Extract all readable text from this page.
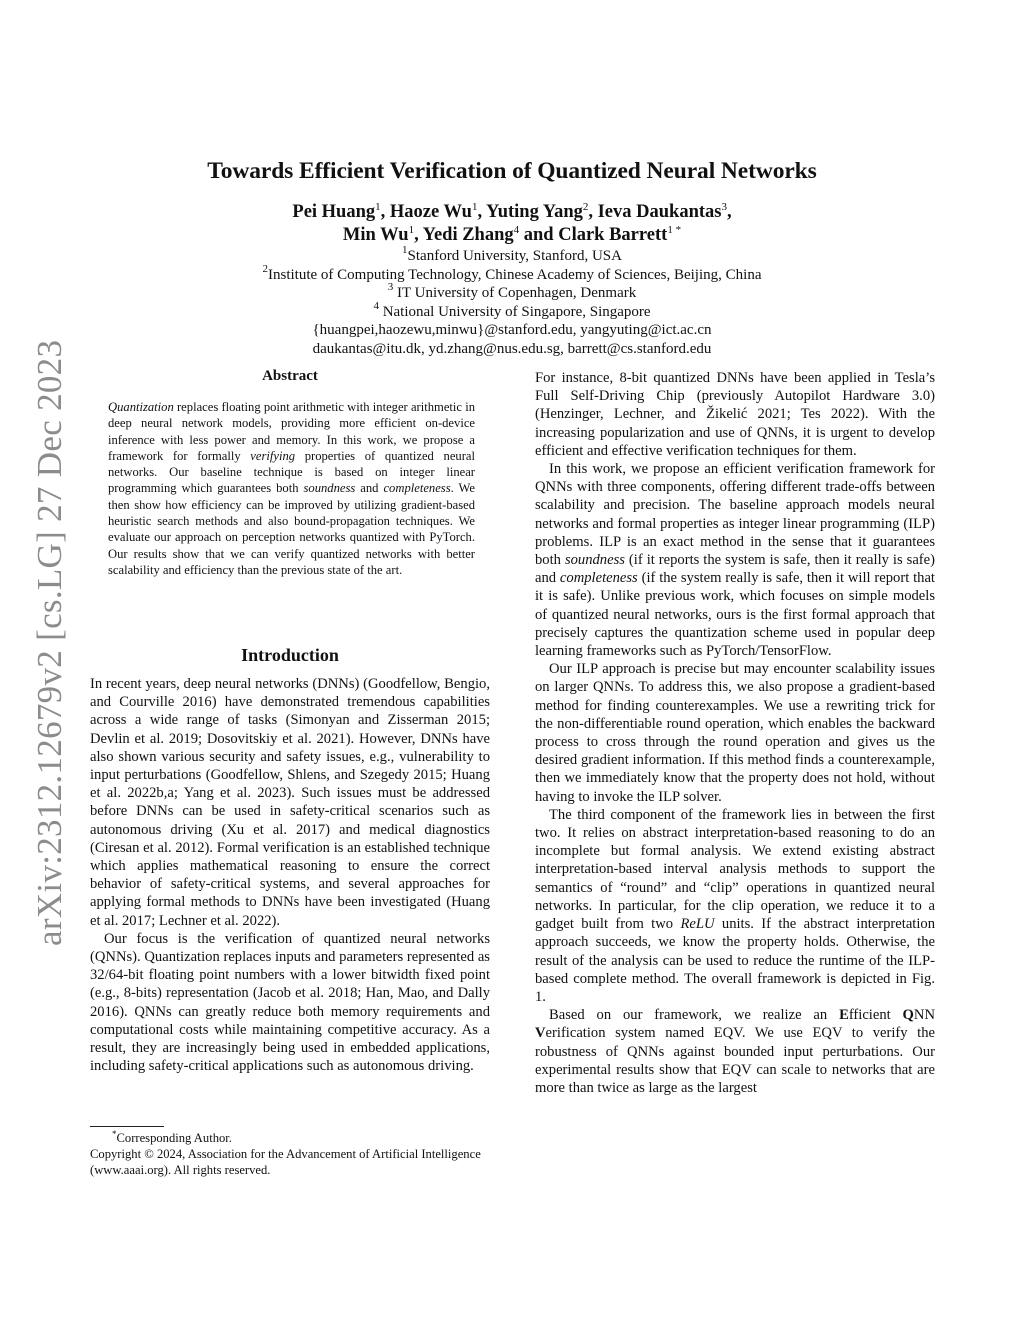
arXiv:2312.12679v2 [cs.LG] 27 Dec 2023
Towards Efficient Verification of Quantized Neural Networks
Pei Huang$^1$, Haoze Wu$^1$, Yuting Yang$^2$, Ieva Daukantas$^3$,
Min Wu$^1$, Yedi Zhang$^4$ and Clark Barrett$^{1 *}$
$^1$Stanford University, Stanford, USA
$^2$Institute of Computing Technology, Chinese Academy of Sciences, Beijing, China
$^3$ IT University of Copenhagen, Denmark
$^4$ National University of Singapore, Singapore
{huangpei,haozewu,minwu}@stanford.edu, yangyuting@ict.ac.cn
daukantas@itu.dk, yd.zhang@nus.edu.sg, barrett@cs.stanford.edu
Abstract
Quantization replaces floating point arithmetic with integer arithmetic in deep neural network models, providing more efficient on-device inference with less power and memory. In this work, we propose a framework for formally verifying properties of quantized neural networks. Our baseline technique is based on integer linear programming which guarantees both soundness and completeness. We then show how efficiency can be improved by utilizing gradient-based heuristic search methods and also bound-propagation techniques. We evaluate our approach on perception networks quantized with PyTorch. Our results show that we can verify quantized networks with better scalability and efficiency than the previous state of the art.
Introduction

In recent years, deep neural networks (DNNs) (Goodfellow, Bengio, and Courville 2016) have demonstrated tremendous capabilities across a wide range of tasks (Simonyan and Zisserman 2015; Devlin et al. 2019; Dosovitskiy et al. 2021). However, DNNs have also shown various security and safety issues, e.g., vulnerability to input perturbations (Goodfellow, Shlens, and Szegedy 2015; Huang et al. 2022b,a; Yang et al. 2023). Such issues must be addressed before DNNs can be used in safety-critical scenarios such as autonomous driving (Xu et al. 2017) and medical diagnostics (Ciresan et al. 2012). Formal verification is an established technique which applies mathematical reasoning to ensure the correct behavior of safety-critical systems, and several approaches for applying formal methods to DNNs have been investigated (Huang et al. 2017; Lechner et al. 2022).

Our focus is the verification of quantized neural networks (QNNs). Quantization replaces inputs and parameters represented as 32/64-bit floating point numbers with a lower bitwidth fixed point (e.g., 8-bits) representation (Jacob et al. 2018; Han, Mao, and Dally 2016). QNNs can greatly reduce both memory requirements and computational costs while maintaining competitive accuracy. As a result, they are increasingly being used in embedded applications, including safety-critical applications such as autonomous driving.

*Corresponding Author.
Copyright © 2024, Association for the Advancement of Artificial Intelligence (www.aaai.org). All rights reserved.

For instance, 8-bit quantized DNNs have been applied in Tesla’s Full Self-Driving Chip (previously Autopilot Hardware 3.0) (Henzinger, Lechner, and Žikelić 2021; Tes 2022). With the increasing popularization and use of QNNs, it is urgent to develop efficient and effective verification techniques for them.

In this work, we propose an efficient verification framework for QNNs with three components, offering different trade-offs between scalability and precision. The baseline approach models neural networks and formal properties as integer linear programming (ILP) problems. ILP is an exact method in the sense that it guarantees both soundness (if it reports the system is safe, then it really is safe) and completeness (if the system really is safe, then it will report that it is safe). Unlike previous work, which focuses on simple models of quantized neural networks, ours is the first formal approach that precisely captures the quantization scheme used in popular deep learning frameworks such as PyTorch/TensorFlow.

Our ILP approach is precise but may encounter scalability issues on larger QNNs. To address this, we also propose a gradient-based method for finding counterexamples. We use a rewriting trick for the non-differentiable round operation, which enables the backward process to cross through the round operation and gives us the desired gradient information. If this method finds a counterexample, then we immediately know that the property does not hold, without having to invoke the ILP solver.

The third component of the framework lies in between the first two. It relies on abstract interpretation-based reasoning to do an incomplete but formal analysis. We extend existing abstract interpretation-based interval analysis methods to support the semantics of “round” and “clip” operations in quantized neural networks. In particular, for the clip operation, we reduce it to a gadget built from two ReLU units. If the abstract interpretation approach succeeds, we know the property holds. Otherwise, the result of the analysis can be used to reduce the runtime of the ILP-based complete method. The overall framework is depicted in Fig. 1.

Based on our framework, we realize an Efficient QNN Verification system named EQV. We use EQV to verify the robustness of QNNs against bounded input perturbations. Our experimental results show that EQV can scale to networks that are more than twice as large as the largest
